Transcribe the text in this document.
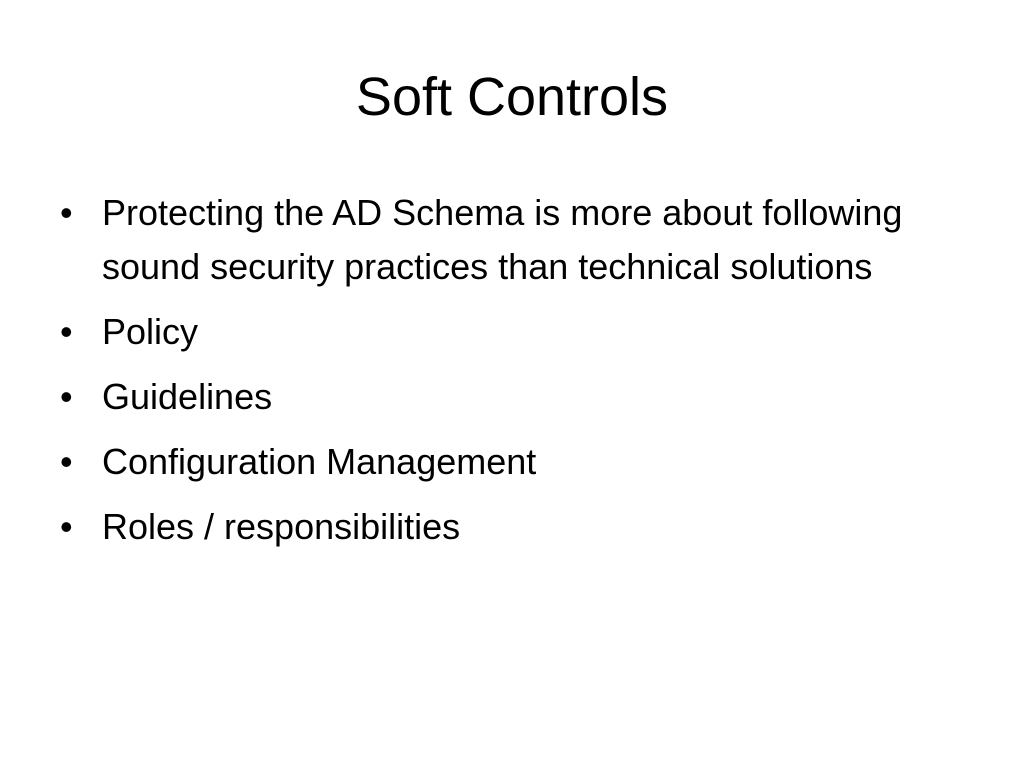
Soft Controls
• Protecting the AD Schema is more about following sound security practices than technical solutions
• Policy
• Guidelines
• Configuration Management
• Roles / responsibilities
